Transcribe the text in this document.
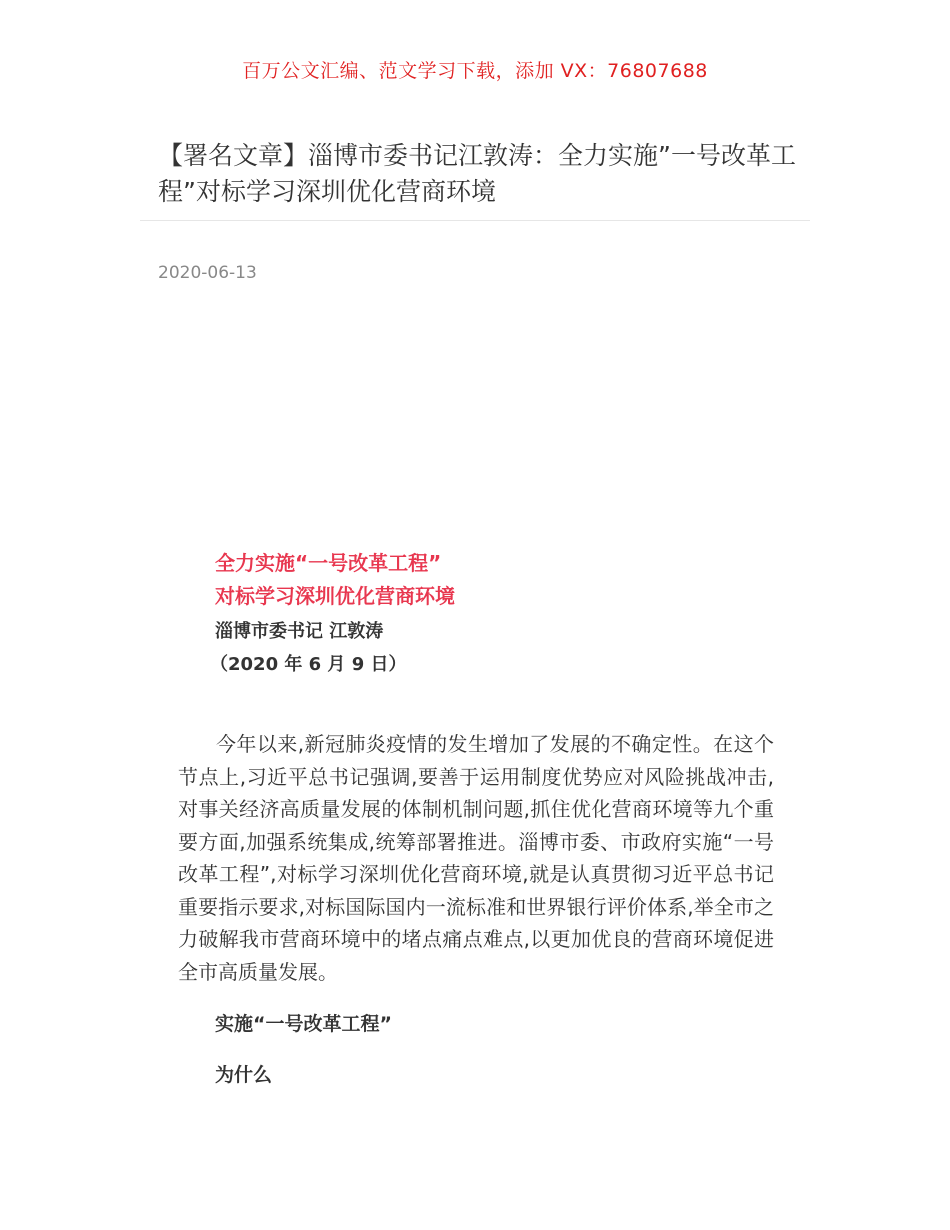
百万公文汇编、范文学习下载，添加 VX：76807688
【署名文章】淄博市委书记江敦涛：全力实施”一号改革工程”对标学习深圳优化营商环境
2020-06-13
全力实施“一号改革工程”
对标学习深圳优化营商环境
淄博市委书记 江敦涛
（2020 年 6 月 9 日）

今年以来,新冠肺炎疫情的发生增加了发展的不确定性。在这个节点上,习近平总书记强调,要善于运用制度优势应对风险挑战冲击,对事关经济高质量发展的体制机制问题,抓住优化营商环境等九个重要方面,加强系统集成,统筹部署推进。淄博市委、市政府实施“一号改革工程”,对标学习深圳优化营商环境,就是认真贯彻习近平总书记重要指示要求,对标国际国内一流标准和世界银行评价体系,举全市之力破解我市营商环境中的堵点痛点难点,以更加优良的营商环境促进全市高质量发展。

实施“一号改革工程”
为什么
